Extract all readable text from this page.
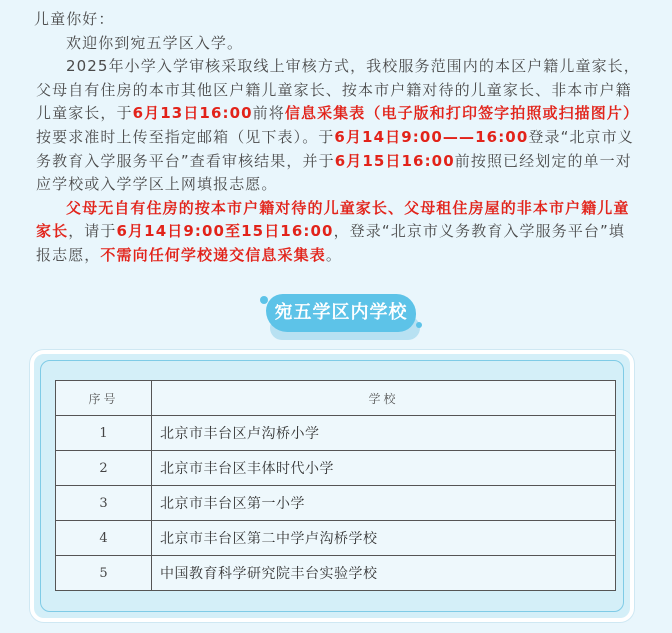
儿童你好：

欢迎你到宛五学区入学。

2025年小学入学审核采取线上审核方式，我校服务范围内的本区户籍儿童家长，父母自有住房的本市其他区户籍儿童家长、按本市户籍对待的儿童家长、非本市户籍儿童家长，于6月13日16:00前将信息采集表（电子版和打印签字拍照或扫描图片）按要求准时上传至指定邮箱（见下表）。于6月14日9:00——16:00登录“北京市义务教育入学服务平台”查看审核结果，并于6月15日16:00前按照已经划定的单一对应学校或入学学区上网填报志愿。

父母无自有住房的按本市户籍对待的儿童家长、父母租住房屋的非本市户籍儿童家长，请于6月14日9:00至15日16:00，登录“北京市义务教育入学服务平台”填报志愿，不需向任何学校递交信息采集表。

宛五学区内学校
序号	学校
1	北京市丰台区卢沟桥小学
2	北京市丰台区丰体时代小学
3	北京市丰台区第一小学
4	北京市丰台区第二中学卢沟桥学校
5	中国教育科学研究院丰台实验学校
